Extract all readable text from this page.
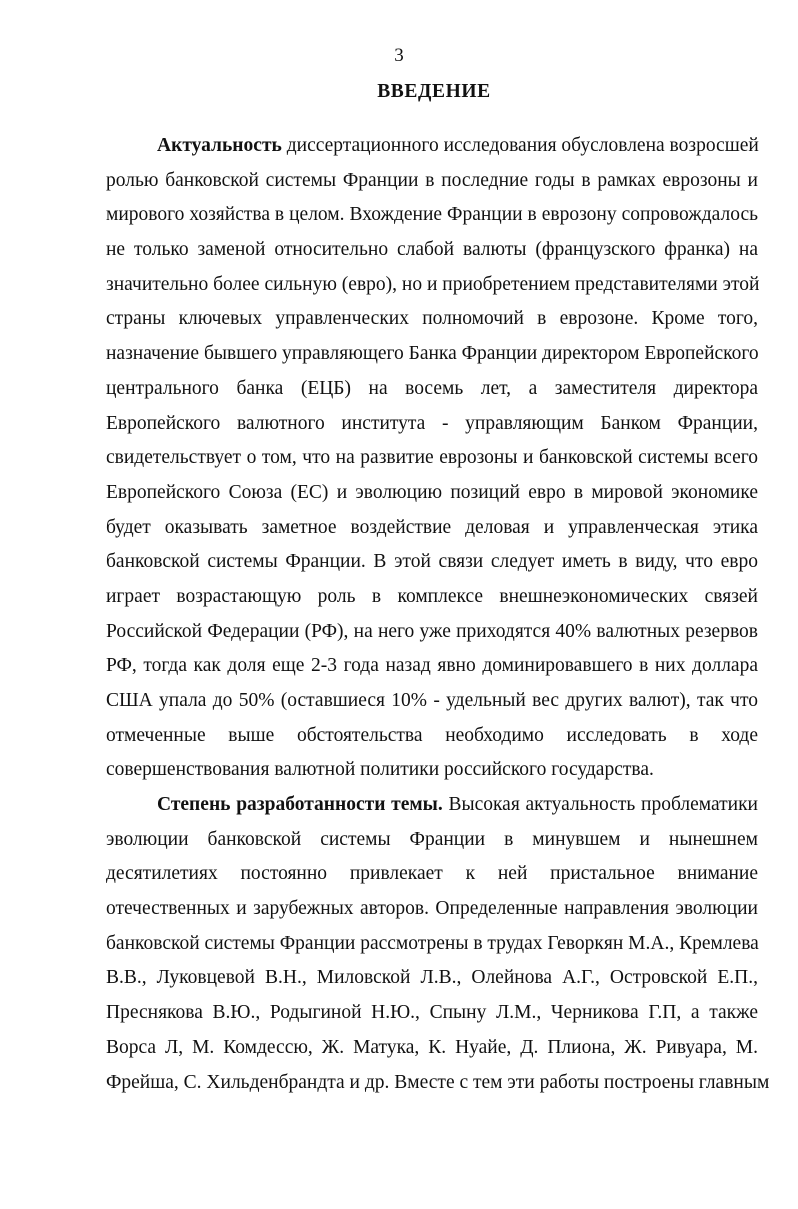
3
ВВЕДЕНИЕ
Актуальность диссертационного исследования обусловлена возросшей
ролью банковской системы Франции в последние годы в рамках еврозоны и
мирового хозяйства в целом. Вхождение Франции в еврозону сопровождалось
не только заменой относительно слабой валюты (французского франка) на
значительно более сильную (евро), но и приобретением представителями этой
страны ключевых управленческих полномочий в еврозоне. Кроме того,
назначение бывшего управляющего Банка Франции директором Европейского
центрального банка (ЕЦБ) на восемь лет, а заместителя директора
Европейского валютного института - управляющим Банком Франции,
свидетельствует о том, что на развитие еврозоны и банковской системы всего
Европейского Союза (ЕС) и эволюцию позиций евро в мировой экономике
будет оказывать заметное воздействие деловая и управленческая этика
банковской системы Франции. В этой связи следует иметь в виду, что евро
играет возрастающую роль в комплексе внешнеэкономических связей
Российской Федерации (РФ), на него уже приходятся 40% валютных резервов
РФ, тогда как доля еще 2-3 года назад явно доминировавшего в них доллара
США упала до 50% (оставшиеся 10% - удельный вес других валют), так что
отмеченные выше обстоятельства необходимо исследовать в ходе
совершенствования валютной политики российского государства.
Степень разработанности темы. Высокая актуальность проблематики
эволюции банковской системы Франции в минувшем и нынешнем
десятилетиях постоянно привлекает к ней пристальное внимание
отечественных и зарубежных авторов. Определенные направления эволюции
банковской системы Франции рассмотрены в трудах Геворкян М.А., Кремлева
В.В., Луковцевой В.Н., Миловской Л.В., Олейнова А.Г., Островской Е.П.,
Преснякова В.Ю., Родыгиной Н.Ю., Спыну Л.М., Черникова Г.П, а также
Ворса Л, М. Комдессю, Ж. Матука, К. Нуайе, Д. Плиона, Ж. Ривуара, М.
Фрейша, С. Хильденбрандта и др. Вместе с тем эти работы построены главным
